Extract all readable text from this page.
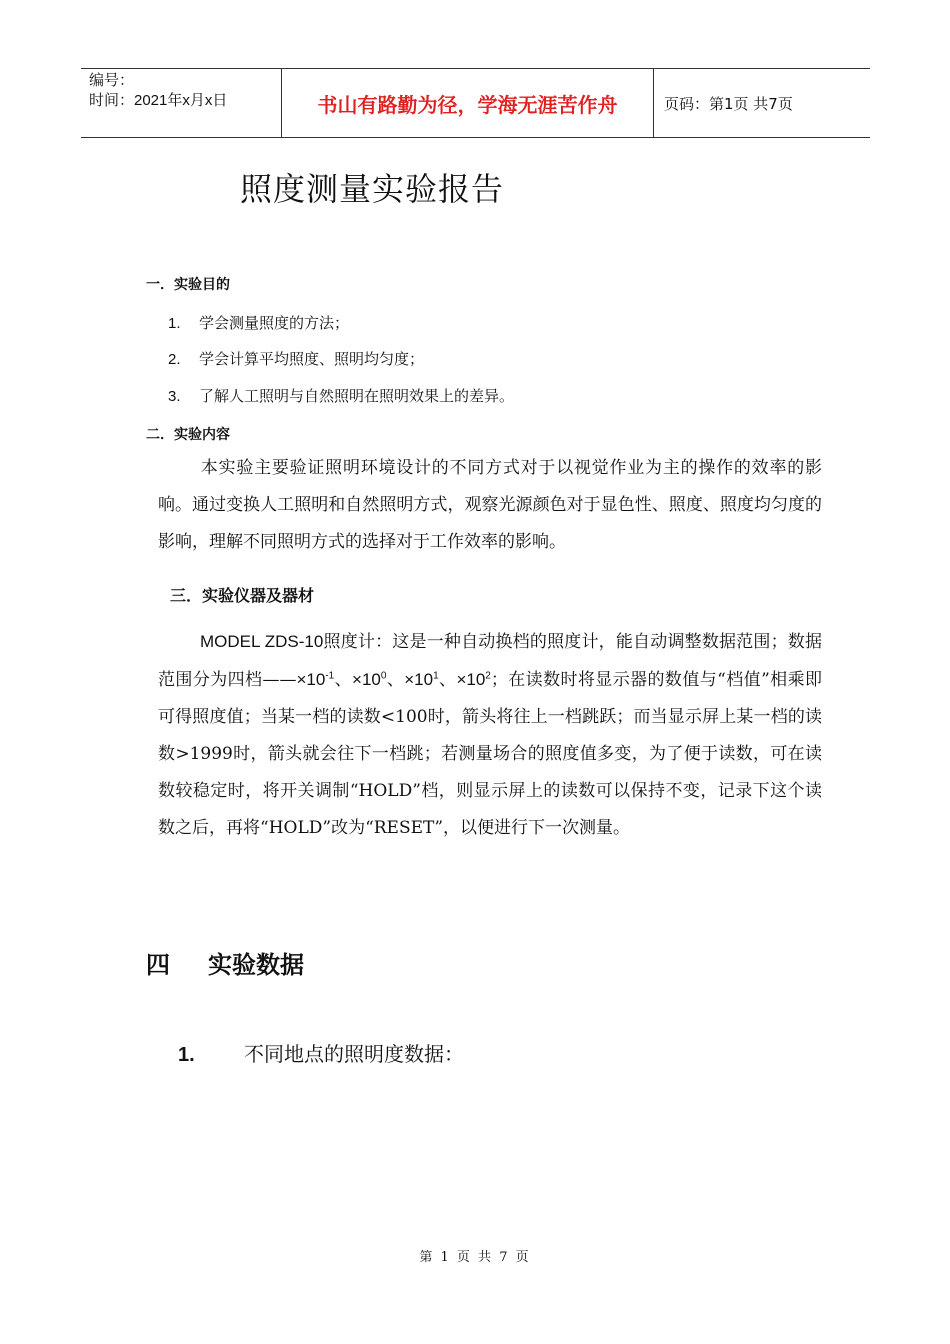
编号：
时间：2021年x月x日	书山有路勤为径，学海无涯苦作舟	页码：第1页 共7页
照度测量实验报告
一．实验目的
1. 学会测量照度的方法；
2. 学会计算平均照度、照明均匀度；
3. 了解人工照明与自然照明在照明效果上的差异。
二．实验内容
本实验主要验证照明环境设计的不同方式对于以视觉作业为主的操作的效率的影响。通过变换人工照明和自然照明方式，观察光源颜色对于显色性、照度、照度均匀度的影响，理解不同照明方式的选择对于工作效率的影响。
三．实验仪器及器材
MODEL ZDS-10照度计：这是一种自动换档的照度计，能自动调整数据范围；数据范围分为四档$——\times 10^{-1}$、$\times 10^0$、$\times 10^1$、$\times 10^2$；在读数时将显示器的数值与“档值”相乘即可得照度值；当某一档的读数<100时，箭头将往上一档跳跃；而当显示屏上某一档的读数>1999时，箭头就会往下一档跳；若测量场合的照度值多变，为了便于读数，可在读数较稳定时，将开关调制“HOLD”档，则显示屏上的读数可以保持不变，记录下这个读数之后，再将“HOLD”改为“RESET”，以便进行下一次测量。
四 实验数据
1. 不同地点的照明度数据：
第 1 页 共 7 页
